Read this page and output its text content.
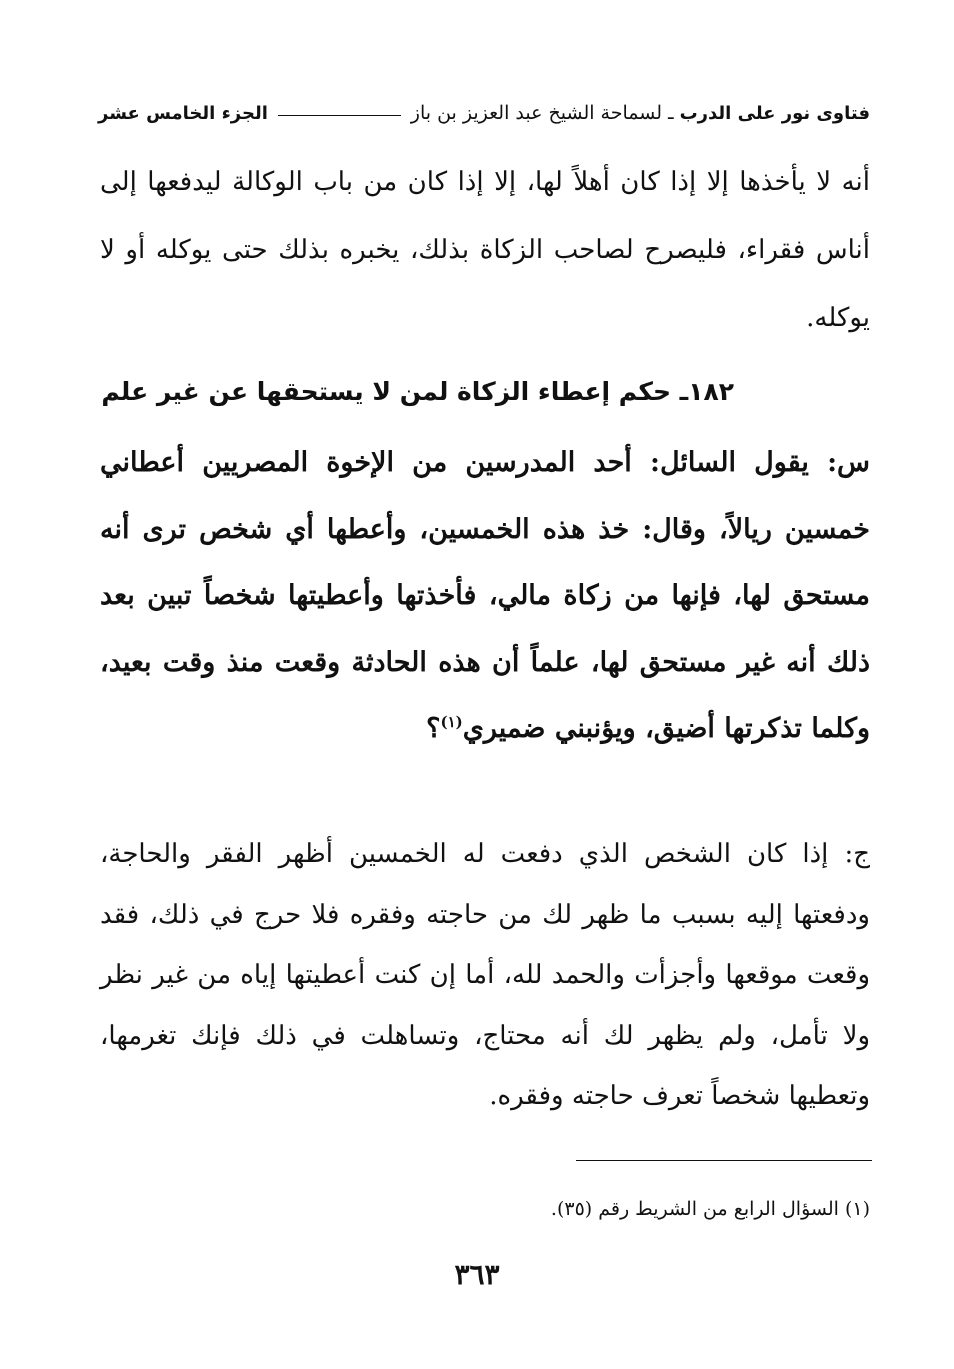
فتاوى نور على الدرب
ـ
لسماحة الشيخ عبد العزيز بن باز
الجزء الخامس عشر

أنه لا يأخذها إلا إذا كان أهلاً لها، إلا إذا كان من باب الوكالة ليدفعها إلى أناس فقراء، فليصرح لصاحب الزكاة بذلك، يخبره بذلك حتى يوكله أو لا يوكله.

١٨٢ـ حكم إعطاء الزكاة لمن لا يستحقها عن غير علم

س: يقول السائل: أحد المدرسين من الإخوة المصريين أعطاني خمسين ريالاً، وقال: خذ هذه الخمسين، وأعطها أي شخص ترى أنه مستحق لها، فإنها من زكاة مالي، فأخذتها وأعطيتها شخصاً تبين بعد ذلك أنه غير مستحق لها، علماً أن هذه الحادثة وقعت منذ وقت بعيد، وكلما تذكرتها أضيق، ويؤنبني ضميري$^{(١)}$؟

ج: إذا كان الشخص الذي دفعت له الخمسين أظهر الفقر والحاجة، ودفعتها إليه بسبب ما ظهر لك من حاجته وفقره فلا حرج في ذلك، فقد وقعت موقعها وأجزأت والحمد لله، أما إن كنت أعطيتها إياه من غير نظر ولا تأمل، ولم يظهر لك أنه محتاج، وتساهلت في ذلك فإنك تغرمها، وتعطيها شخصاً تعرف حاجته وفقره.

(١) السؤال الرابع من الشريط رقم (٣٥).

٣٦٣
